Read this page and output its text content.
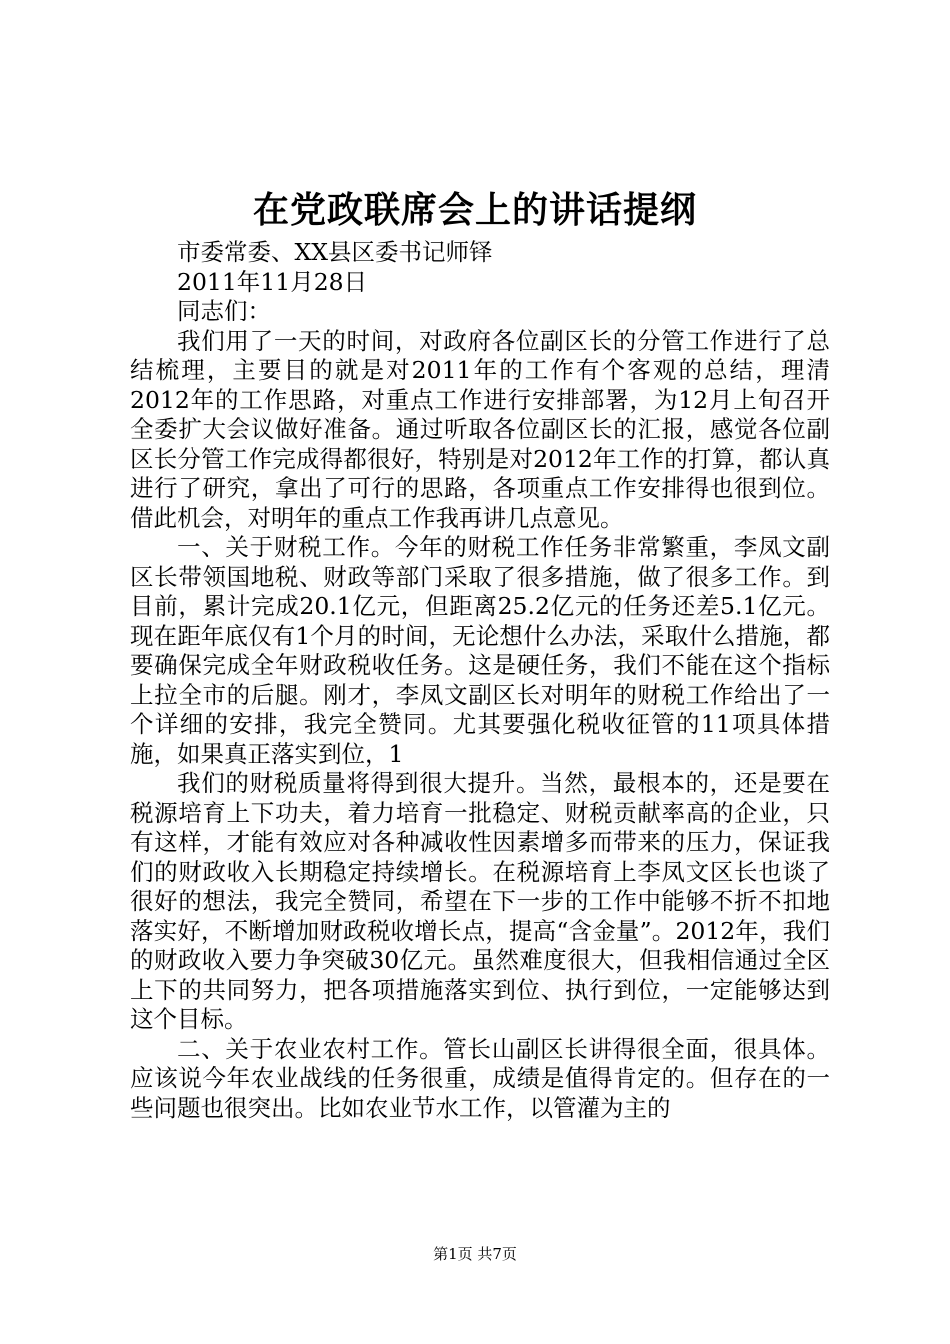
在党政联席会上的讲话提纲

市委常委、XX县区委书记师铎

2011年11月28日

同志们：

我们用了一天的时间，对政府各位副区长的分管工作进行了总结梳理，主要目的就是对2011年的工作有个客观的总结，理清2012年的工作思路，对重点工作进行安排部署，为12月上旬召开全委扩大会议做好准备。通过听取各位副区长的汇报，感觉各位副区长分管工作完成得都很好，特别是对2012年工作的打算，都认真进行了研究，拿出了可行的思路，各项重点工作安排得也很到位。借此机会，对明年的重点工作我再讲几点意见。

一、关于财税工作。今年的财税工作任务非常繁重，李凤文副区长带领国地税、财政等部门采取了很多措施，做了很多工作。到目前，累计完成20.1亿元，但距离25.2亿元的任务还差5.1亿元。现在距年底仅有1个月的时间，无论想什么办法，采取什么措施，都要确保完成全年财政税收任务。这是硬任务，我们不能在这个指标上拉全市的后腿。刚才，李凤文副区长对明年的财税工作给出了一个详细的安排，我完全赞同。尤其要强化税收征管的11项具体措施，如果真正落实到位，1

我们的财税质量将得到很大提升。当然，最根本的，还是要在税源培育上下功夫，着力培育一批稳定、财税贡献率高的企业，只有这样，才能有效应对各种减收性因素增多而带来的压力，保证我们的财政收入长期稳定持续增长。在税源培育上李凤文区长也谈了很好的想法，我完全赞同，希望在下一步的工作中能够不折不扣地落实好，不断增加财政税收增长点，提高“含金量”。2012年，我们的财政收入要力争突破30亿元。虽然难度很大，但我相信通过全区上下的共同努力，把各项措施落实到位、执行到位，一定能够达到这个目标。

二、关于农业农村工作。管长山副区长讲得很全面，很具体。应该说今年农业战线的任务很重，成绩是值得肯定的。但存在的一些问题也很突出。比如农业节水工作，以管灌为主的

第1页 共7页
